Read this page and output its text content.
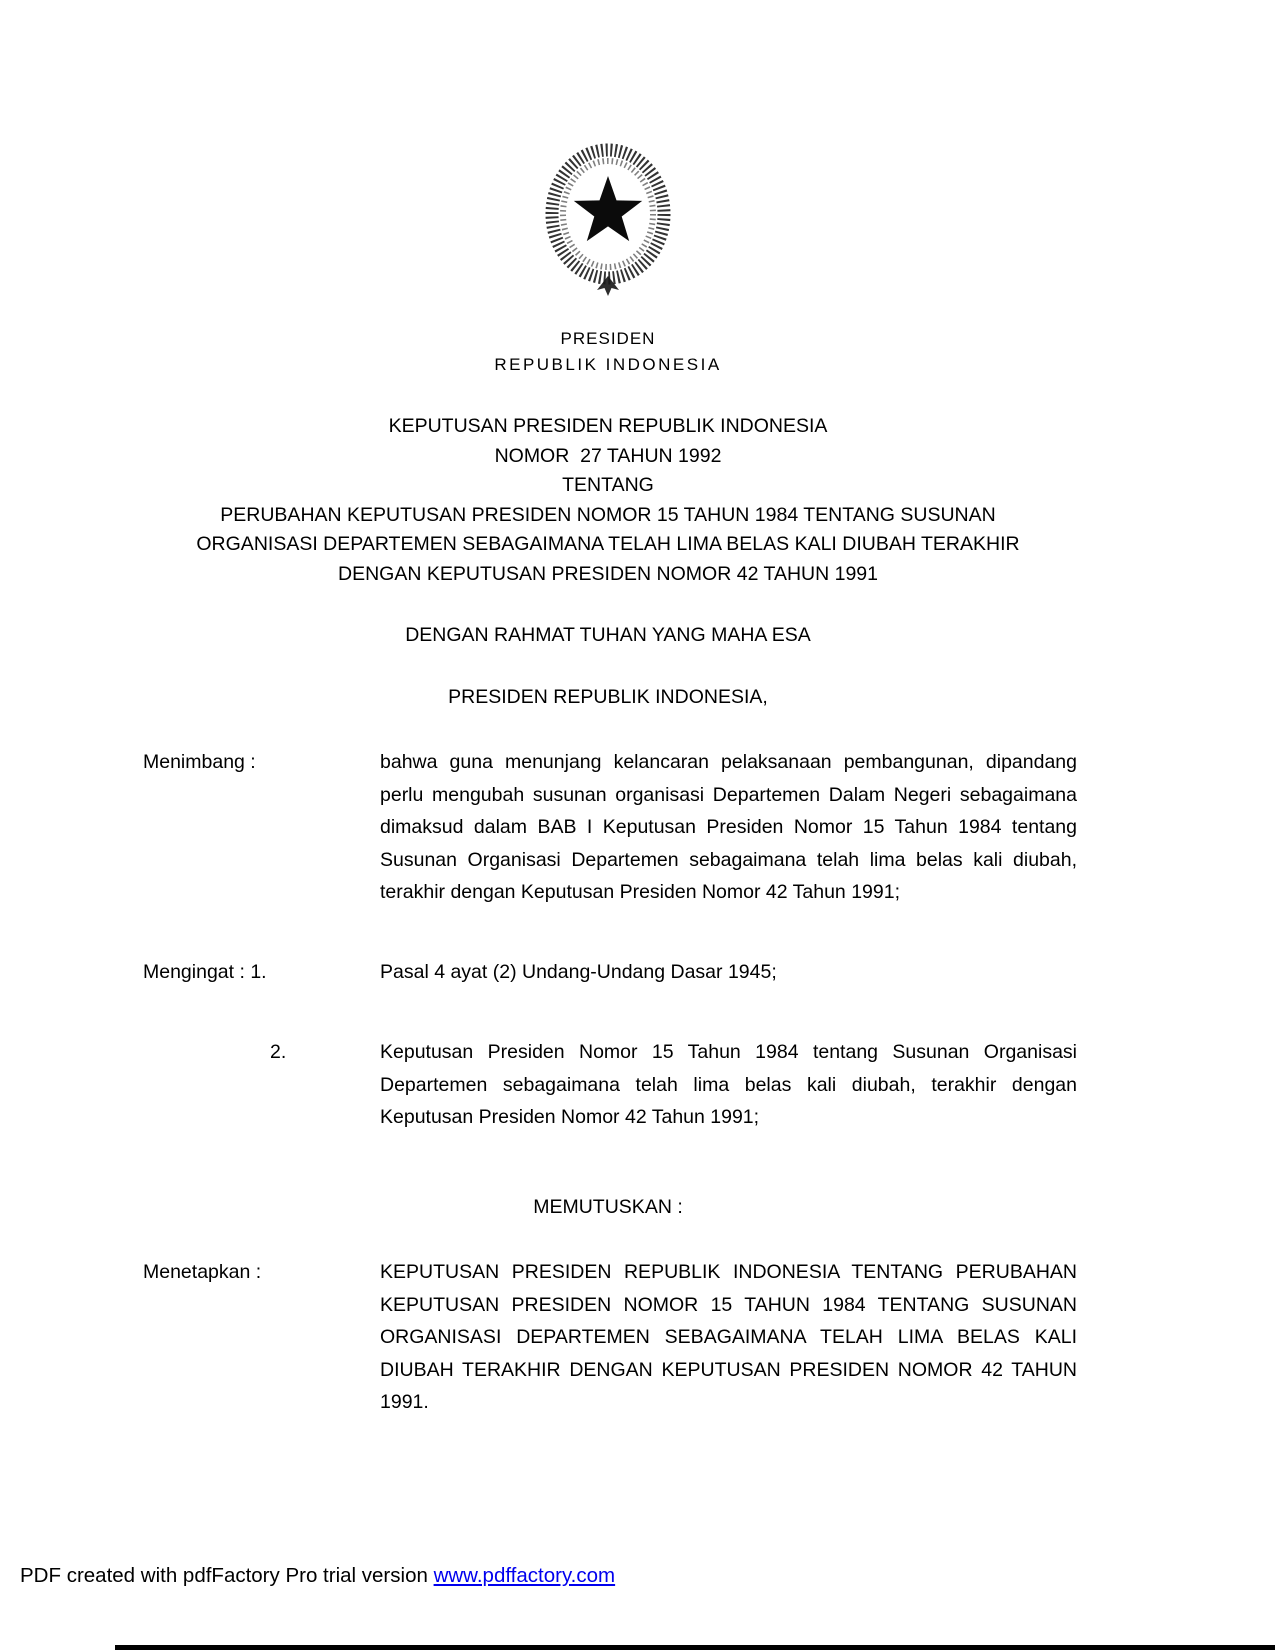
PRESIDEN
REPUBLIK INDONESIA
KEPUTUSAN PRESIDEN REPUBLIK INDONESIA
NOMOR  27 TAHUN 1992
TENTANG
PERUBAHAN KEPUTUSAN PRESIDEN NOMOR 15 TAHUN 1984 TENTANG SUSUNAN
ORGANISASI DEPARTEMEN SEBAGAIMANA TELAH LIMA BELAS KALI DIUBAH TERAKHIR
DENGAN KEPUTUSAN PRESIDEN NOMOR 42 TAHUN 1991
DENGAN RAHMAT TUHAN YANG MAHA ESA
PRESIDEN REPUBLIK INDONESIA,
Menimbang :	bahwa guna menunjang kelancaran pelaksanaan pembangunan, dipandang perlu mengubah susunan organisasi Departemen Dalam Negeri sebagaimana dimaksud dalam BAB I Keputusan Presiden Nomor 15 Tahun 1984 tentang Susunan Organisasi Departemen sebagaimana telah lima belas kali diubah, terakhir dengan Keputusan Presiden Nomor 42 Tahun 1991;
Mengingat : 1.	Pasal 4 ayat (2) Undang-Undang Dasar 1945;
2.	Keputusan Presiden Nomor 15 Tahun 1984 tentang Susunan Organisasi Departemen sebagaimana telah lima belas kali diubah, terakhir dengan Keputusan Presiden Nomor 42 Tahun 1991;
MEMUTUSKAN :
Menetapkan :	KEPUTUSAN PRESIDEN REPUBLIK INDONESIA TENTANG PERUBAHAN KEPUTUSAN PRESIDEN NOMOR 15 TAHUN 1984 TENTANG SUSUNAN ORGANISASI DEPARTEMEN SEBAGAIMANA TELAH LIMA BELAS KALI DIUBAH TERAKHIR DENGAN KEPUTUSAN PRESIDEN NOMOR 42 TAHUN 1991.
PDF created with pdfFactory Pro trial version www.pdffactory.com
